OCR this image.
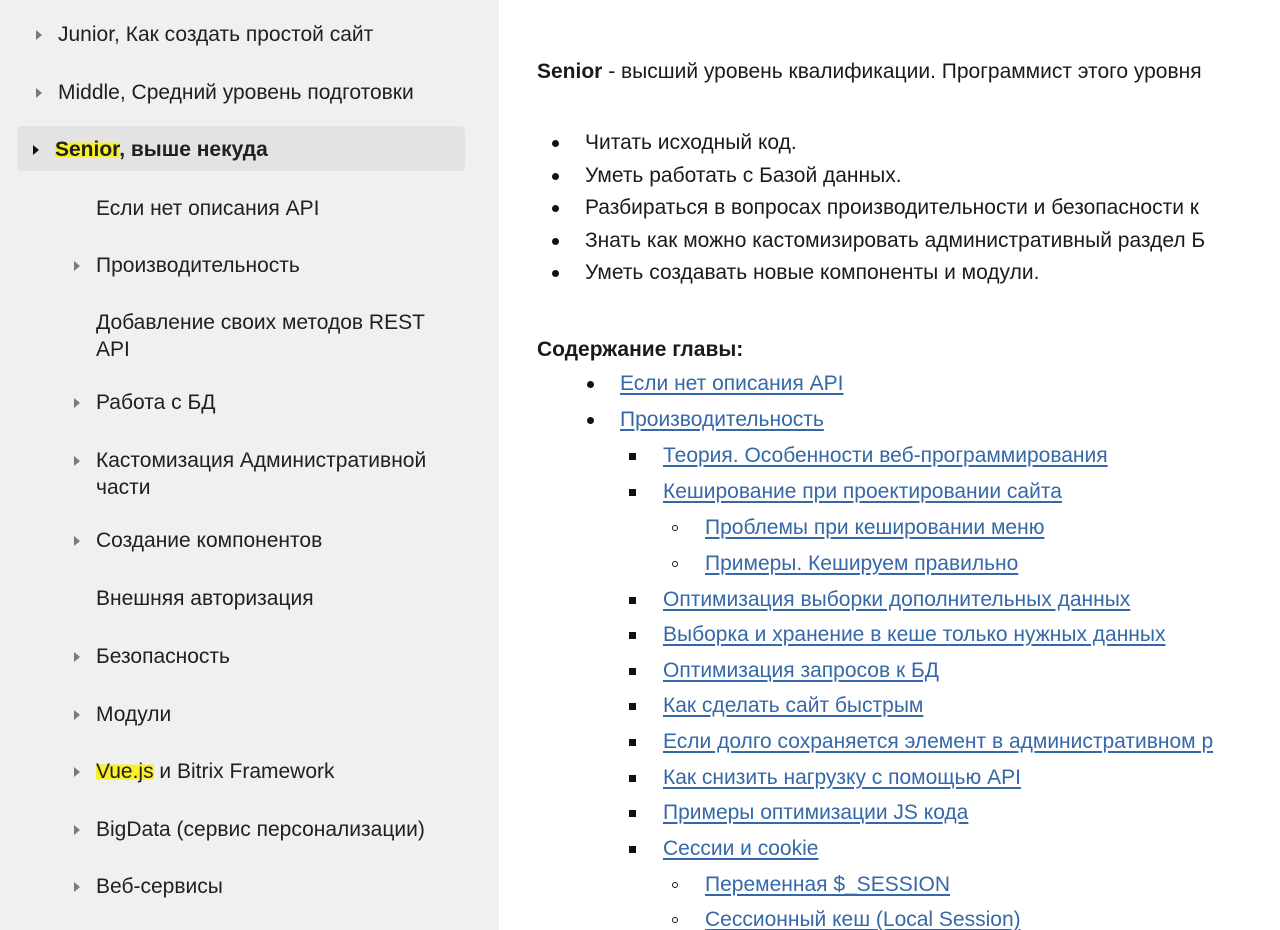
Junior, Как создать простой сайт
Middle, Средний уровень подготовки
Senior, выше некуда
Если нет описания API
Производительность
Добавление своих методов REST
API
Работа с БД
Кастомизация Административной
части
Создание компонентов
Внешняя авторизация
Безопасность
Модули
Vue.js и Bitrix Framework
BigData (сервис персонализации)
Веб-сервисы
Senior - высший уровень квалификации. Программист этого уровня
Читать исходный код.
Уметь работать с Базой данных.
Разбираться в вопросах производительности и безопасности к
Знать как можно кастомизировать административный раздел Б
Уметь создавать новые компоненты и модули.
Содержание главы:
Если нет описания API
Производительность
Теория. Особенности веб-программирования
Кеширование при проектировании сайта
Проблемы при кешировании меню
Примеры. Кешируем правильно
Оптимизация выборки дополнительных данных
Выборка и хранение в кеше только нужных данных
Оптимизация запросов к БД
Как сделать сайт быстрым
Если долго сохраняется элемент в административном р
Как снизить нагрузку с помощью API
Примеры оптимизации JS кода
Сессии и cookie
Переменная $_SESSION
Сессионный кеш (Local Session)
